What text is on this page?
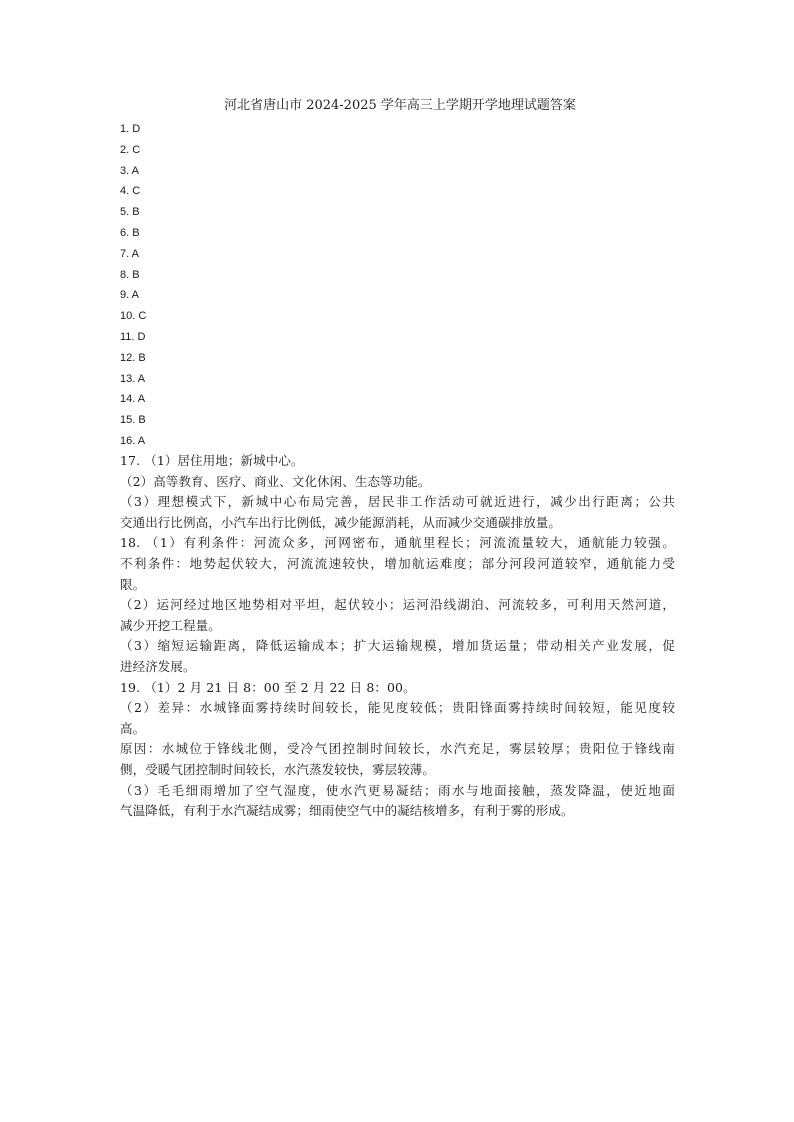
河北省唐山市 2024-2025 学年高三上学期开学地理试题答案
1. D
2. C
3. A
4. C
5. B
6. B
7. A
8. B
9. A
10. C
11. D
12. B
13. A
14. A
15. B
16. A
17. （1）居住用地；新城中心。
（2）高等教育、医疗、商业、文化休闲、生态等功能。
（3）理想模式下，新城中心布局完善，居民非工作活动可就近进行，减少出行距离；公共
交通出行比例高，小汽车出行比例低，减少能源消耗，从而减少交通碳排放量。
18. （1）有利条件：河流众多，河网密布，通航里程长；河流流量较大，通航能力较强。
不利条件：地势起伏较大，河流流速较快，增加航运难度；部分河段河道较窄，通航能力受
限。
（2）运河经过地区地势相对平坦，起伏较小；运河沿线湖泊、河流较多，可利用天然河道，
减少开挖工程量。
（3）缩短运输距离，降低运输成本；扩大运输规模，增加货运量；带动相关产业发展，促
进经济发展。
19. （1）2 月 21 日 8：00 至 2 月 22 日 8：00。
（2）差异：水城锋面雾持续时间较长，能见度较低；贵阳锋面雾持续时间较短，能见度较
高。
原因：水城位于锋线北侧，受冷气团控制时间较长，水汽充足，雾层较厚；贵阳位于锋线南
侧，受暖气团控制时间较长，水汽蒸发较快，雾层较薄。
（3）毛毛细雨增加了空气湿度，使水汽更易凝结；雨水与地面接触，蒸发降温，使近地面
气温降低，有利于水汽凝结成雾；细雨使空气中的凝结核增多，有利于雾的形成。
